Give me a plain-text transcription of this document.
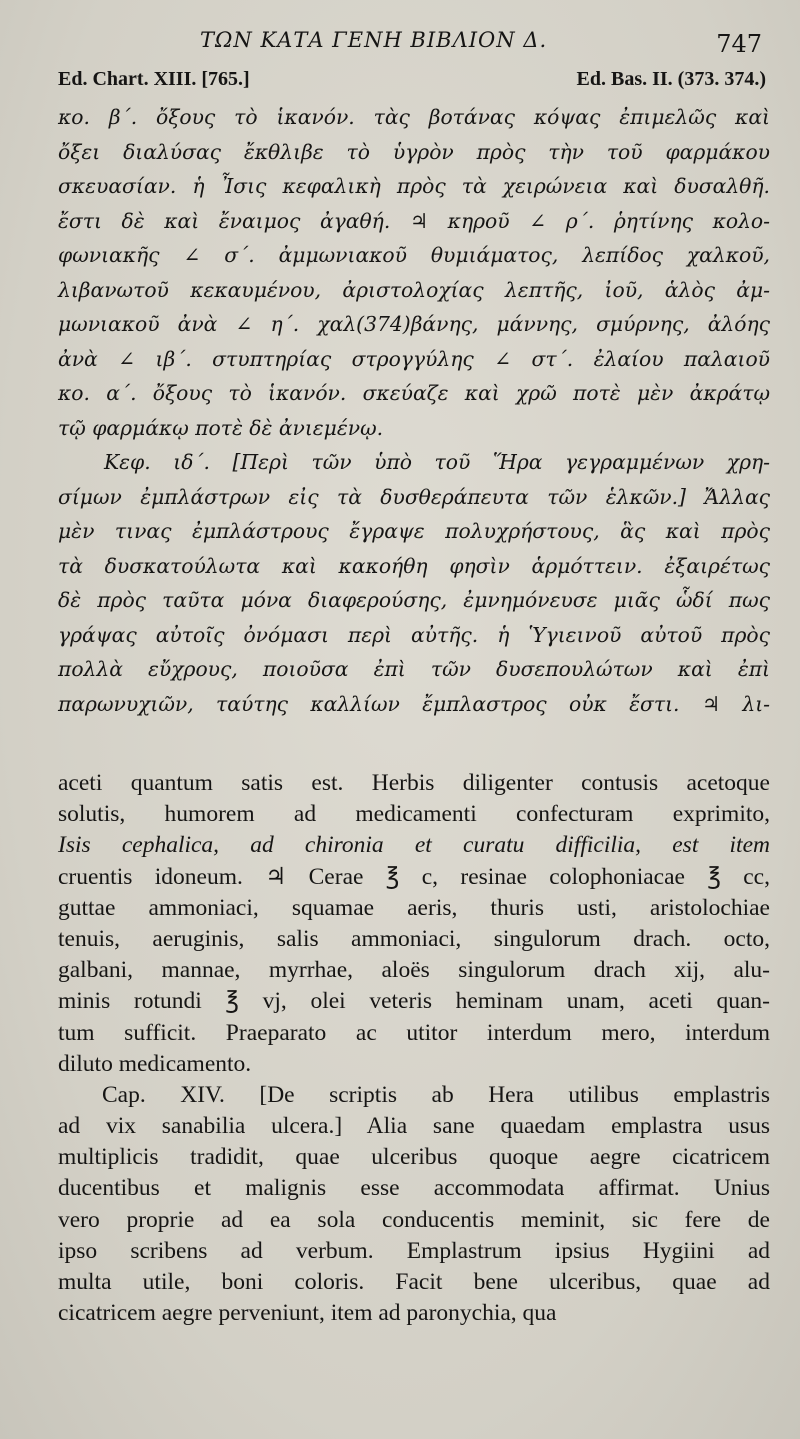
ΤΩΝ ΚΑΤΑ ΓΕΝΗ ΒΙΒΛΙΟΝ Δ.	747
Ed. Chart. XIII. [765.]	Ed. Bas. II. (373. 374.)
κο. β΄. ὄξους τὸ ἱκανόν. τὰς βοτάνας κόψας ἐπιμελῶς καὶ
ὄξει διαλύσας ἔκθλιβε τὸ ὑγρὸν πρὸς τὴν τοῦ φαρμάκου
σκευασίαν. ἡ Ἶσις κεφαλικὴ πρὸς τὰ χειρώνεια καὶ δυσαλθῆ.
ἔστι δὲ καὶ ἔναιμος ἀγαθή. ♃ κηροῦ ∠ ρ΄. ῥητίνης κολο-
φωνιακῆς ∠ σ΄. ἀμμωνιακοῦ θυμιάματος, λεπίδος χαλκοῦ,
λιβανωτοῦ κεκαυμένου, ἀριστολοχίας λεπτῆς, ἰοῦ, ἁλὸς ἀμ-
μωνιακοῦ ἀνὰ ∠ η΄. χαλ(374)βάνης, μάννης, σμύρνης, ἀλόης
ἀνὰ ∠ ιβ΄. στυπτηρίας στρογγύλης ∠ στ΄. ἐλαίου παλαιοῦ
κο. α΄. ὄξους τὸ ἱκανόν. σκεύαζε καὶ χρῶ ποτὲ μὲν ἀκράτῳ
τῷ φαρμάκῳ ποτὲ δὲ ἀνιεμένῳ.
Κεφ. ιδ΄. [Περὶ τῶν ὑπὸ τοῦ Ἥρα γεγραμμένων χρη-
σίμων ἐμπλάστρων εἰς τὰ δυσθεράπευτα τῶν ἑλκῶν.] Ἄλλας
μὲν τινας ἐμπλάστρους ἔγραψε πολυχρήστους, ἃς καὶ πρὸς
τὰ δυσκατούλωτα καὶ κακοήθη φησὶν ἁρμόττειν. ἐξαιρέτως
δὲ πρὸς ταῦτα μόνα διαφερούσης, ἐμνημόνευσε μιᾶς ὧδί πως
γράψας αὐτοῖς ὀνόμασι περὶ αὐτῆς. ἡ Ὑγιεινοῦ αὐτοῦ πρὸς
πολλὰ εὔχρους, ποιοῦσα ἐπὶ τῶν δυσεπουλώτων καὶ ἐπὶ
παρωνυχιῶν, ταύτης καλλίων ἔμπλαστρος οὐκ ἔστι. ♃ λι-
aceti quantum satis est. Herbis diligenter contusis acetoque
solutis, humorem ad medicamenti confecturam exprimito,
Isis cephalica, ad chironia et curatu difficilia, est item
cruentis idoneum. ♃ Cerae ℥ c, resinae colophoniacae ℥ cc,
guttae ammoniaci, squamae aeris, thuris usti, aristolochiae
tenuis, aeruginis, salis ammoniaci, singulorum drach. octo,
galbani, mannae, myrrhae, aloës singulorum drach xij, alu-
minis rotundi ℥ vj, olei veteris heminam unam, aceti quan-
tum sufficit. Praeparato ac utitor interdum mero, interdum
diluto medicamento.
Cap. XIV. [De scriptis ab Hera utilibus emplastris
ad vix sanabilia ulcera.] Alia sane quaedam emplastra usus
multiplicis tradidit, quae ulceribus quoque aegre cicatricem
ducentibus et malignis esse accommodata affirmat. Unius
vero proprie ad ea sola conducentis meminit, sic fere de
ipso scribens ad verbum. Emplastrum ipsius Hygiini ad
multa utile, boni coloris. Facit bene ulceribus, quae ad
cicatricem aegre perveniunt, item ad paronychia, qua
